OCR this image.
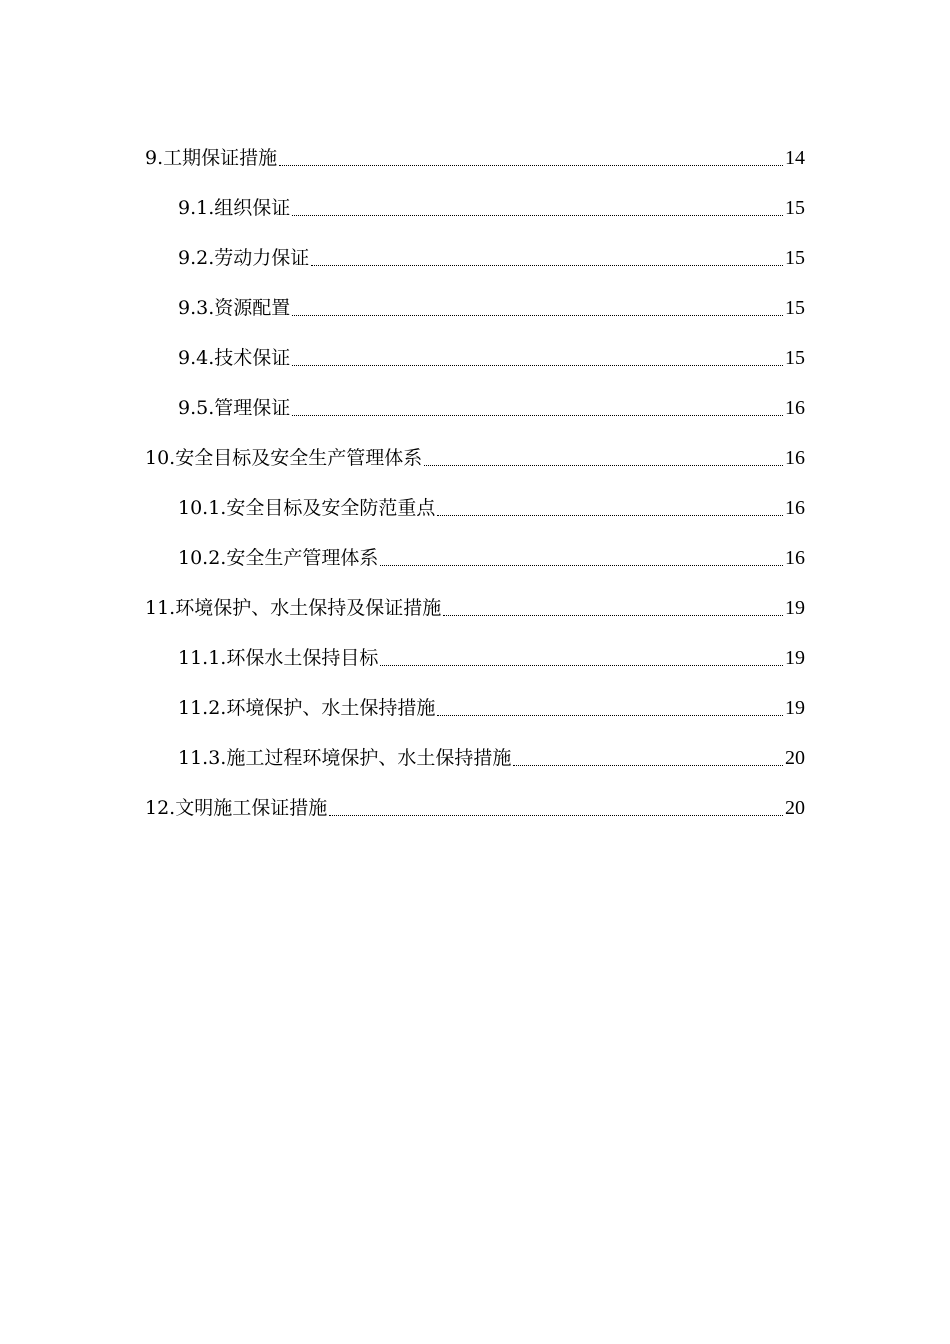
9.工期保证措施	14
9.1.组织保证	15
9.2.劳动力保证	15
9.3.资源配置	15
9.4.技术保证	15
9.5.管理保证	16
10.安全目标及安全生产管理体系	16
10.1.安全目标及安全防范重点	16
10.2.安全生产管理体系	16
11.环境保护、水土保持及保证措施	19
11.1.环保水土保持目标	19
11.2.环境保护、水土保持措施	19
11.3.施工过程环境保护、水土保持措施	20
12.文明施工保证措施	20
